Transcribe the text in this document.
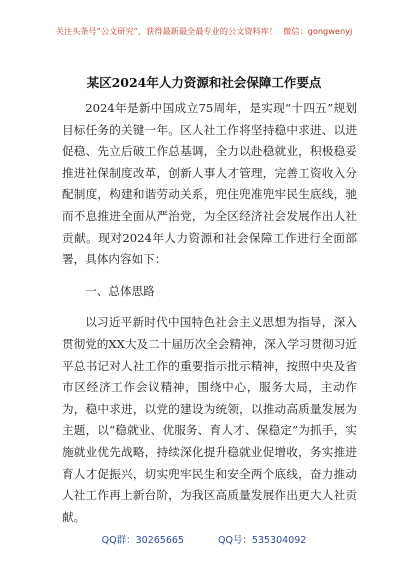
关注头条号“公文研究”，获得最新最全最专业的公文资料库！ 微信：gongwenyj
某区2024年人力资源和社会保障工作要点

2024年是新中国成立75周年，是实现“十四五”规划目标任务的关键一年。区人社工作将坚持稳中求进、以进促稳、先立后破工作总基调，全力以赴稳就业，积极稳妥推进社保制度改革，创新人事人才管理，完善工资收入分配制度，构建和谐劳动关系，兜住兜准兜牢民生底线，驰而不息推进全面从严治党，为全区经济社会发展作出人社贡献。现对2024年人力资源和社会保障工作进行全面部署，具体内容如下：

一、总体思路

以习近平新时代中国特色社会主义思想为指导，深入贯彻党的XX大及二十届历次全会精神，深入学习贯彻习近平总书记对人社工作的重要指示批示精神，按照中央及省市区经济工作会议精神，围绕中心，服务大局，主动作为，稳中求进，以党的建设为统领，以推动高质量发展为主题，以“稳就业、优服务、育人才、保稳定”为抓手，实施就业优先战略，持续深化提升稳就业促增收，务实推进育人才促振兴，切实兜牢民生和安全两个底线，奋力推动人社工作再上新台阶，为我区高质量发展作出更大人社贡献。

QQ群：30265665	QQ号：535304092
